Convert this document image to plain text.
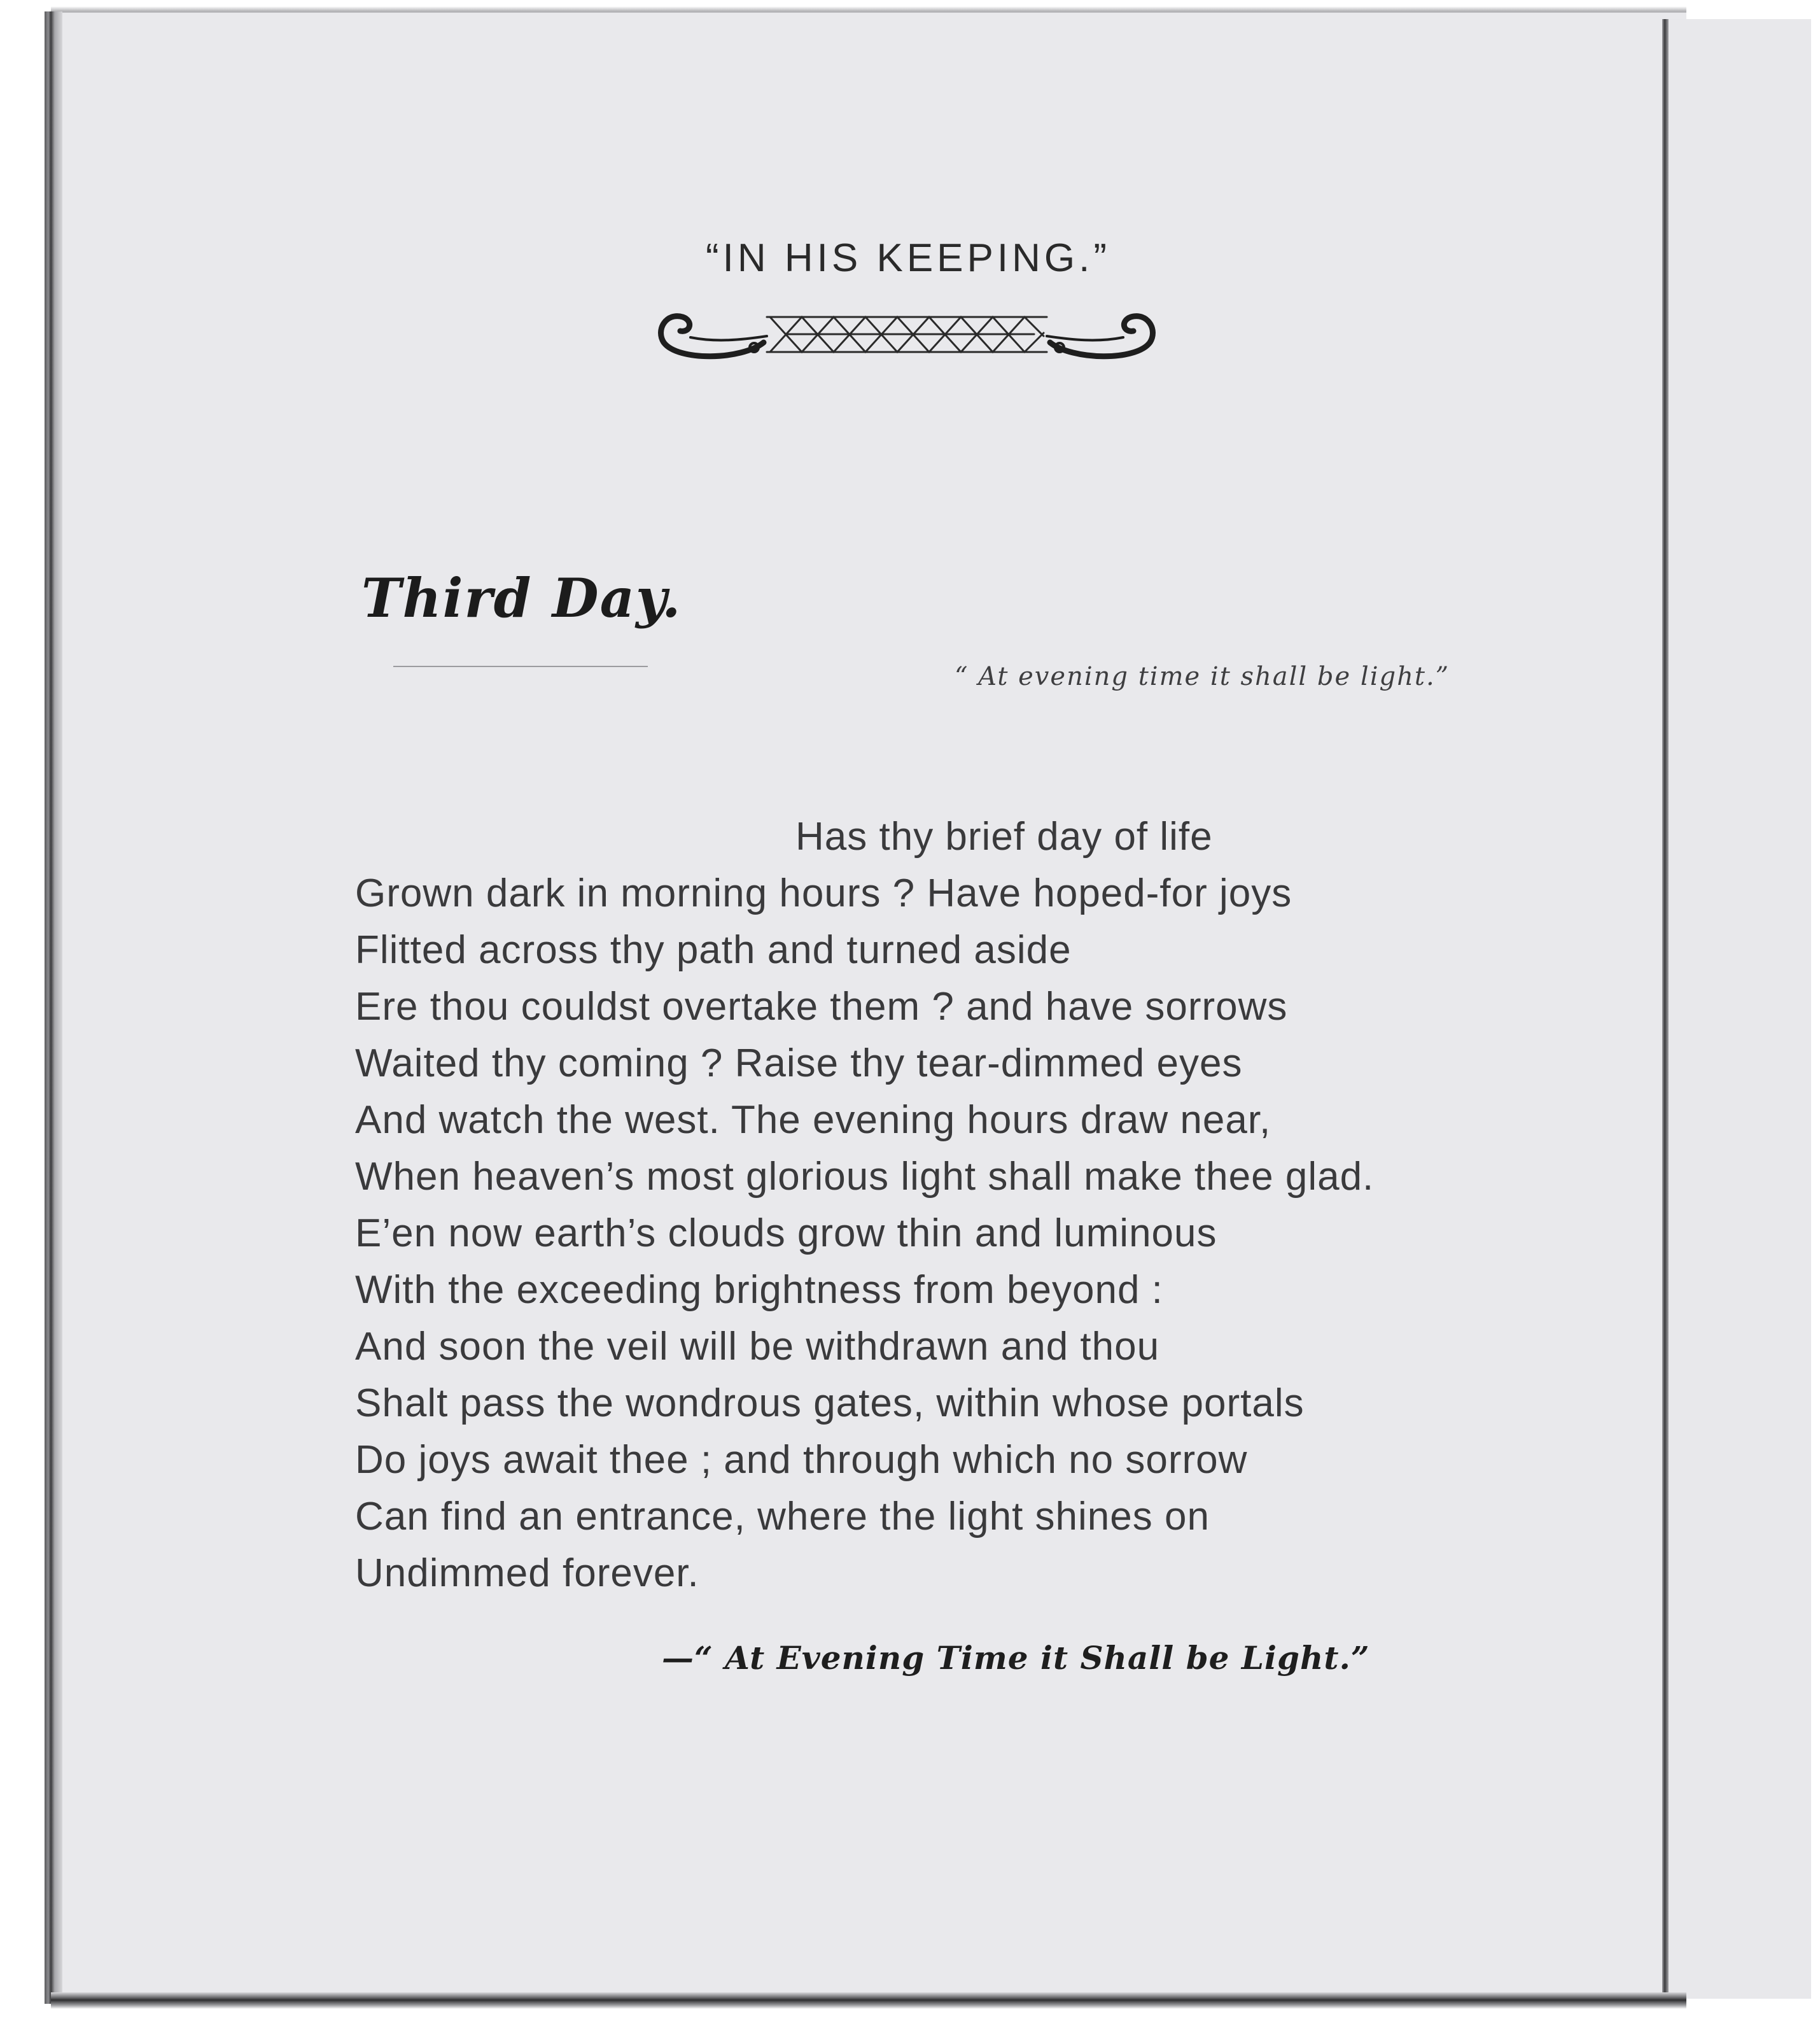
“IN HIS KEEPING.”
Third Day.
“ At evening time it shall be light.”
Has thy brief day of life
Grown dark in morning hours ? Have hoped-for joys
Flitted across thy path and turned aside
Ere thou couldst overtake them ? and have sorrows
Waited thy coming ? Raise thy tear-dimmed eyes
And watch the west. The evening hours draw near,
When heaven’s most glorious light shall make thee glad.
E’en now earth’s clouds grow thin and luminous
With the exceeding brightness from beyond :
And soon the veil will be withdrawn and thou
Shalt pass the wondrous gates, within whose portals
Do joys await thee ; and through which no sorrow
Can find an entrance, where the light shines on
Undimmed forever.
—“ At Evening Time it Shall be Light.”
